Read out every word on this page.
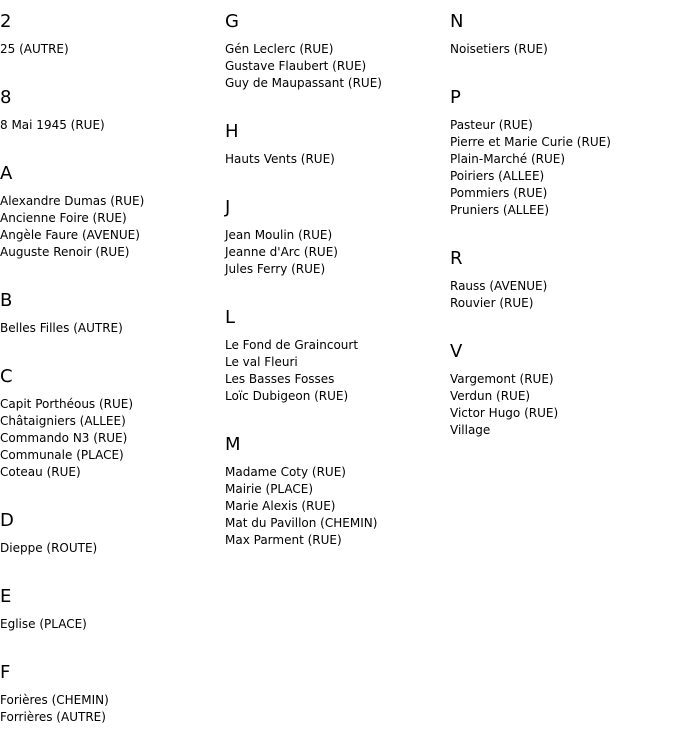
2
25 (AUTRE)
8
8 Mai 1945 (RUE)
A
Alexandre Dumas (RUE)
Ancienne Foire (RUE)
Angèle Faure (AVENUE)
Auguste Renoir (RUE)
B
Belles Filles (AUTRE)
C
Capit Porthéous (RUE)
Châtaigniers (ALLEE)
Commando N3 (RUE)
Communale (PLACE)
Coteau (RUE)
D
Dieppe (ROUTE)
E
Eglise (PLACE)
F
Forières (CHEMIN)
Forrières (AUTRE)
G
Gén Leclerc (RUE)
Gustave Flaubert (RUE)
Guy de Maupassant (RUE)
H
Hauts Vents (RUE)
J
Jean Moulin (RUE)
Jeanne d'Arc (RUE)
Jules Ferry (RUE)
L
Le Fond de Graincourt
Le val Fleuri
Les Basses Fosses
Loïc Dubigeon (RUE)
M
Madame Coty (RUE)
Mairie (PLACE)
Marie Alexis (RUE)
Mat du Pavillon (CHEMIN)
Max Parment (RUE)
N
Noisetiers (RUE)
P
Pasteur (RUE)
Pierre et Marie Curie (RUE)
Plain-Marché (RUE)
Poiriers (ALLEE)
Pommiers (RUE)
Pruniers (ALLEE)
R
Rauss (AVENUE)
Rouvier (RUE)
V
Vargemont (RUE)
Verdun (RUE)
Victor Hugo (RUE)
Village
